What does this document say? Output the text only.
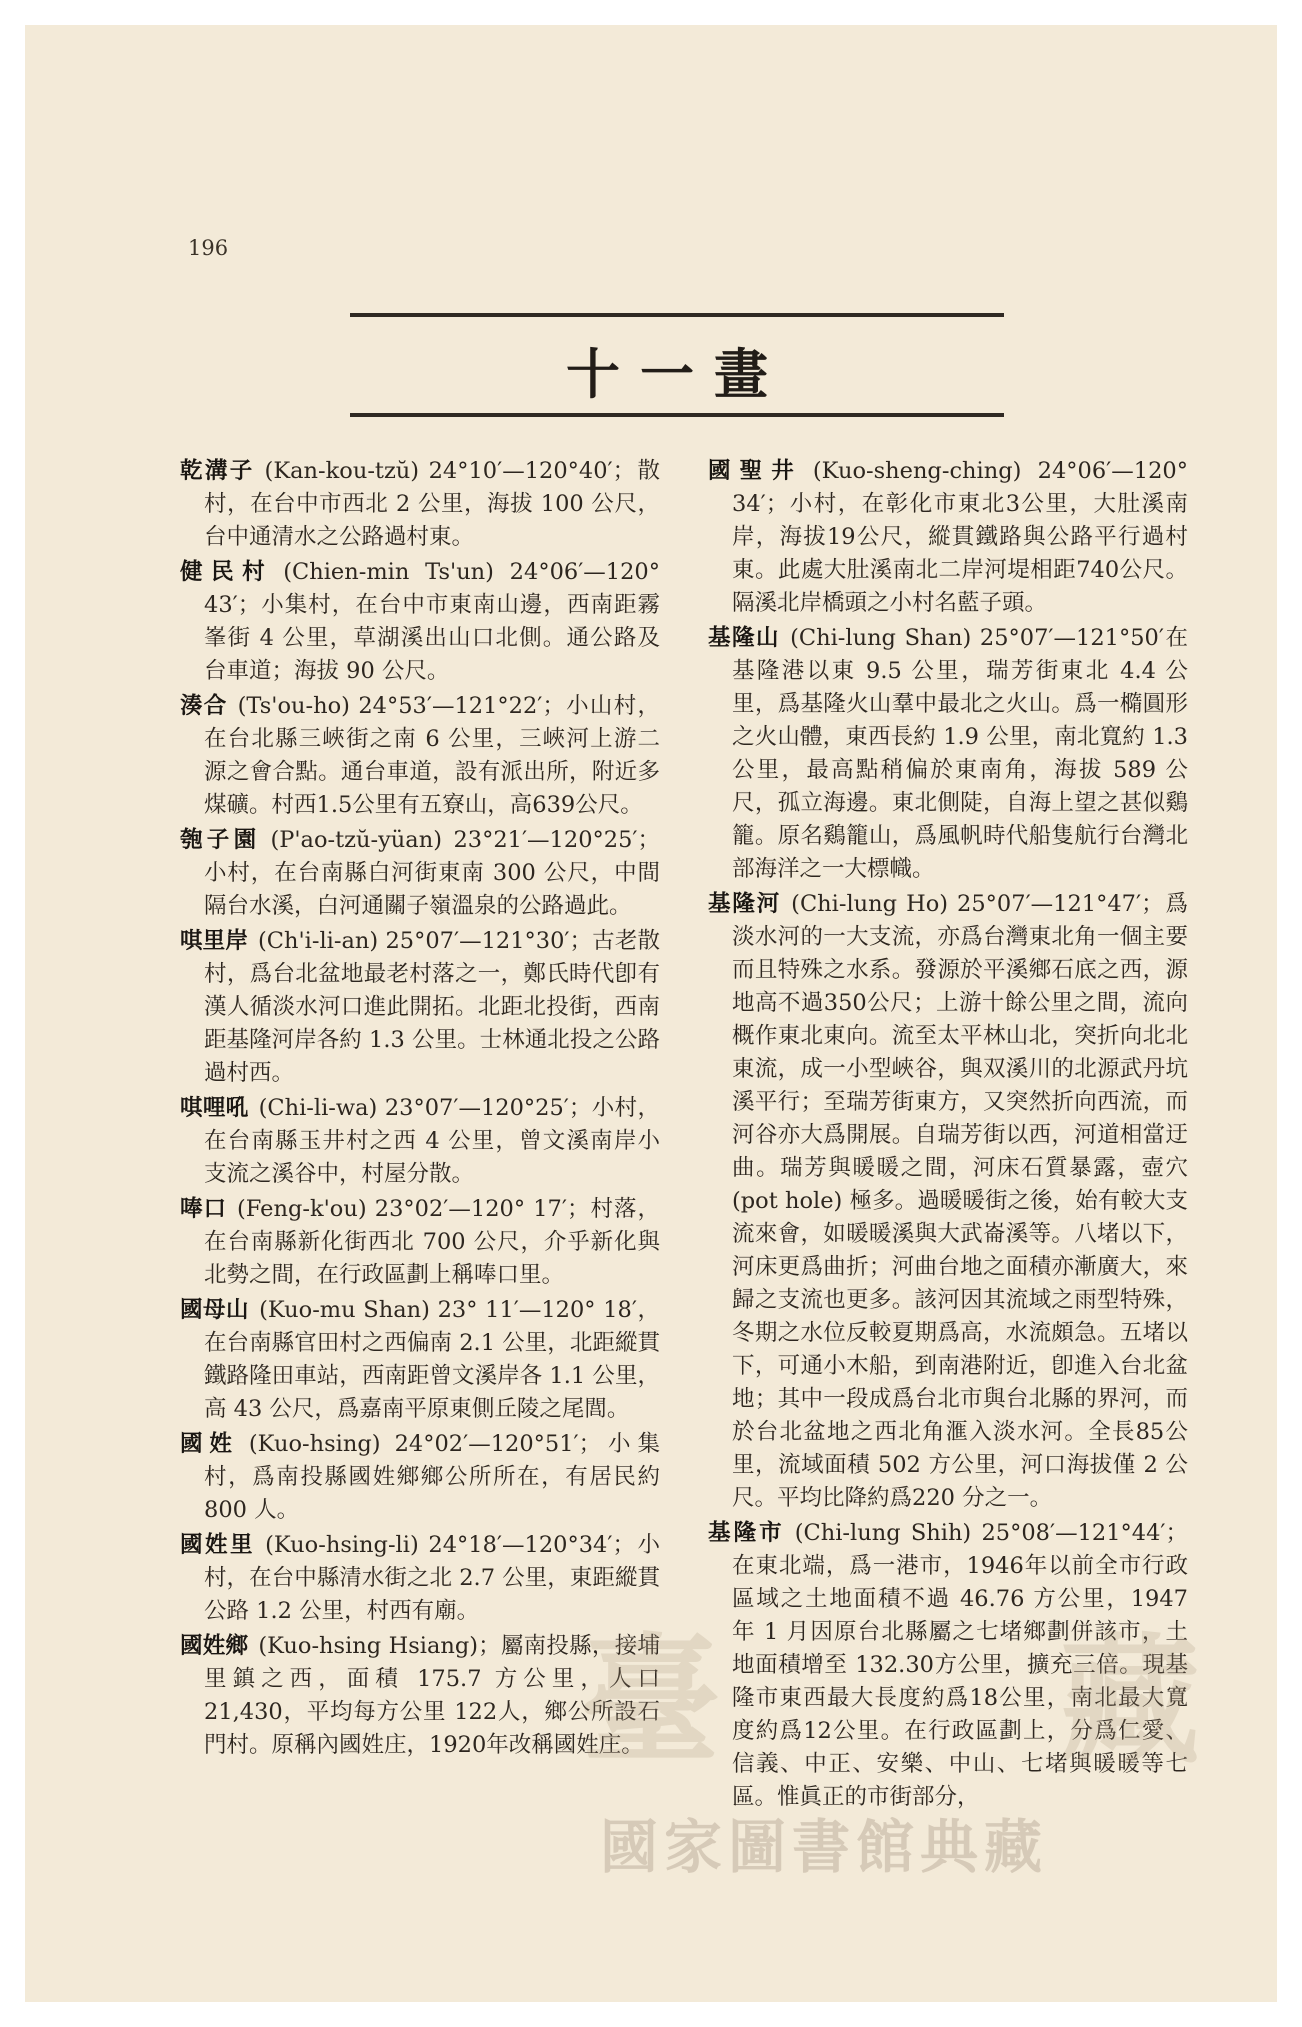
196
十一畫

乾溝子 (Kan-kou-tzŭ) 24°10′—120°40′；散村，在台中市西北 2 公里，海拔 100 公尺，台中通清水之公路過村東。

健民村 (Chien-min Ts'un) 24°06′—120° 43′；小集村，在台中市東南山邊，西南距霧峯街 4 公里，草湖溪出山口北側。通公路及台車道；海拔 90 公尺。

湊合 (Ts'ou-ho) 24°53′—121°22′；小山村，在台北縣三峽街之南 6 公里，三峽河上游二源之會合點。通台車道，設有派出所，附近多煤礦。村西1.5公里有五寮山，高639公尺。

匏子園 (P'ao-tzŭ-yüan) 23°21′—120°25′；小村，在台南縣白河街東南 300 公尺，中間隔台水溪，白河通關子嶺溫泉的公路過此。

唭里岸 (Ch'i-li-an) 25°07′—121°30′；古老散村，爲台北盆地最老村落之一，鄭氏時代卽有漢人循淡水河口進此開拓。北距北投街，西南距基隆河岸各約 1.3 公里。士林通北投之公路過村西。

唭哩吼 (Chi-li-wa) 23°07′—120°25′；小村，在台南縣玉井村之西 4 公里，曾文溪南岸小支流之溪谷中，村屋分散。

唪口 (Feng-k'ou) 23°02′—120° 17′；村落，在台南縣新化街西北 700 公尺，介乎新化與北勢之間，在行政區劃上稱唪口里。

國母山 (Kuo-mu Shan) 23° 11′—120° 18′，在台南縣官田村之西偏南 2.1 公里，北距縱貫鐵路隆田車站，西南距曾文溪岸各 1.1 公里，高 43 公尺，爲嘉南平原東側丘陵之尾閭。

國姓 (Kuo-hsing) 24°02′—120°51′；小集村，爲南投縣國姓鄉鄉公所所在，有居民約 800 人。

國姓里 (Kuo-hsing-li) 24°18′—120°34′；小村，在台中縣清水街之北 2.7 公里，東距縱貫公路 1.2 公里，村西有廟。

國姓鄉 (Kuo-hsing Hsiang)；屬南投縣，接埔里鎮之西，面積 175.7 方公里，人口 21,430，平均每方公里 122人，鄉公所設石門村。原稱內國姓庄，1920年改稱國姓庄。

國聖井 (Kuo-sheng-ching) 24°06′—120° 34′；小村，在彰化市東北3公里，大肚溪南岸，海拔19公尺，縱貫鐵路與公路平行過村東。此處大肚溪南北二岸河堤相距740公尺。隔溪北岸橋頭之小村名藍子頭。

基隆山 (Chi-lung Shan) 25°07′—121°50′在基隆港以東 9.5 公里，瑞芳街東北 4.4 公里，爲基隆火山羣中最北之火山。爲一橢圓形之火山體，東西長約 1.9 公里，南北寬約 1.3 公里，最高點稍偏於東南角，海拔 589 公尺，孤立海邊。東北側陡，自海上望之甚似鷄籠。原名鷄籠山，爲風帆時代船隻航行台灣北部海洋之一大標幟。

基隆河 (Chi-lung Ho) 25°07′—121°47′；爲淡水河的一大支流，亦爲台灣東北角一個主要而且特殊之水系。發源於平溪鄉石底之西，源地高不過350公尺；上游十餘公里之間，流向概作東北東向。流至太平林山北，突折向北北東流，成一小型峽谷，與双溪川的北源武丹坑溪平行；至瑞芳街東方，又突然折向西流，而河谷亦大爲開展。自瑞芳街以西，河道相當迂曲。瑞芳與暖暖之間，河床石質暴露，壺穴 (pot hole) 極多。過暖暖街之後，始有較大支流來會，如暖暖溪與大武崙溪等。八堵以下，河床更爲曲折；河曲台地之面積亦漸廣大，來歸之支流也更多。該河因其流域之雨型特殊，冬期之水位反較夏期爲高，水流頗急。五堵以下，可通小木船，到南港附近，卽進入台北盆地；其中一段成爲台北市與台北縣的界河，而於台北盆地之西北角滙入淡水河。全長85公里，流域面積 502 方公里，河口海拔僅 2 公尺。平均比降約爲220 分之一。

基隆市 (Chi-lung Shih) 25°08′—121°44′；在東北端，爲一港市，1946年以前全市行政區域之土地面積不過 46.76 方公里，1947 年 1 月因原台北縣屬之七堵鄉劃併該市，土地面積增至 132.30方公里，擴充三倍。現基隆市東西最大長度約爲18公里，南北最大寬度約爲12公里。在行政區劃上，分爲仁愛、信義、中正、安樂、中山、七堵與暖暖等七區。惟眞正的市街部分，

臺 藏
國家圖書館典藏
